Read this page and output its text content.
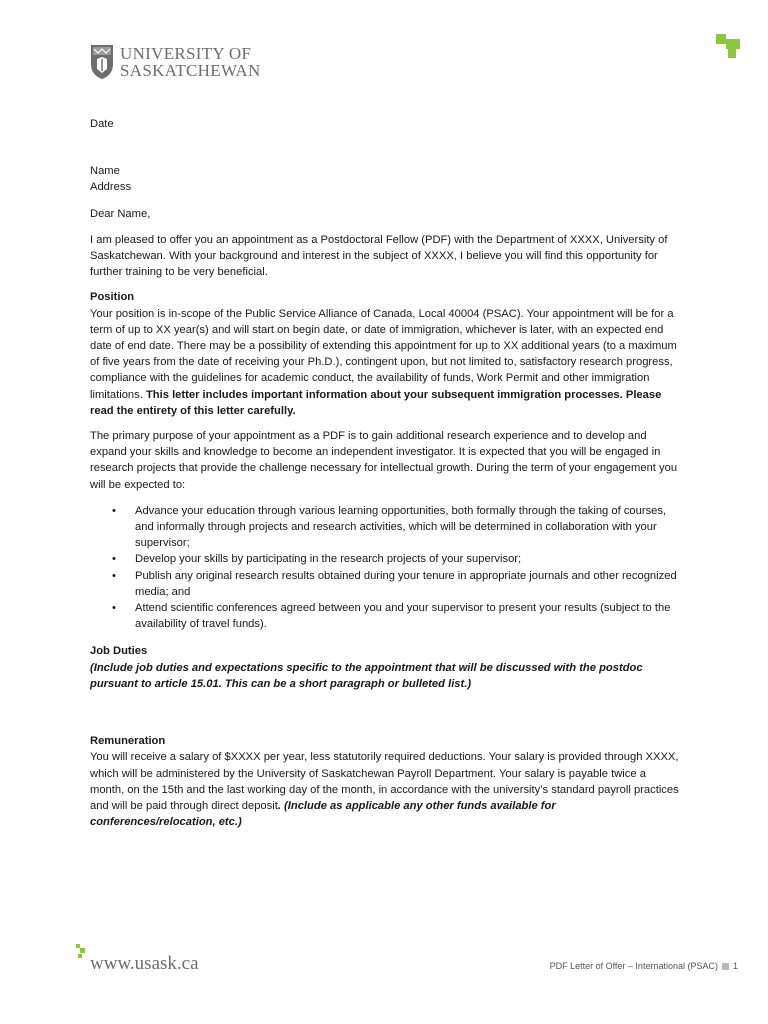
UNIVERSITY OF
SASKATCHEWAN

Date

Name

Address

Dear Name,

I am pleased to offer you an appointment as a Postdoctoral Fellow (PDF) with the Department of XXXX, University of Saskatchewan. With your background and interest in the subject of XXXX, I believe you will find this opportunity for further training to be very beneficial.

Position

Your position is in-scope of the Public Service Alliance of Canada, Local 40004 (PSAC). Your appointment will be for a term of up to XX year(s) and will start on begin date, or date of immigration, whichever is later, with an expected end date of end date. There may be a possibility of extending this appointment for up to XX additional years (to a maximum of five years from the date of receiving your Ph.D.), contingent upon, but not limited to, satisfactory research progress, compliance with the guidelines for academic conduct, the availability of funds, Work Permit and other immigration limitations. This letter includes important information about your subsequent immigration processes. Please read the entirety of this letter carefully.

The primary purpose of your appointment as a PDF is to gain additional research experience and to develop and expand your skills and knowledge to become an independent investigator. It is expected that you will be engaged in research projects that provide the challenge necessary for intellectual growth. During the term of your engagement you will be expected to:

• Advance your education through various learning opportunities, both formally through the taking of courses, and informally through projects and research activities, which will be determined in collaboration with your supervisor;
• Develop your skills by participating in the research projects of your supervisor;
• Publish any original research results obtained during your tenure in appropriate journals and other recognized media; and
• Attend scientific conferences agreed between you and your supervisor to present your results (subject to the availability of travel funds).

Job Duties

(Include job duties and expectations specific to the appointment that will be discussed with the postdoc pursuant to article 15.01. This can be a short paragraph or bulleted list.)

Remuneration

You will receive a salary of $XXXX per year, less statutorily required deductions. Your salary is provided through XXXX, which will be administered by the University of Saskatchewan Payroll Department. Your salary is payable twice a month, on the 15th and the last working day of the month, in accordance with the university’s standard payroll practices and will be paid through direct deposit. (Include as applicable any other funds available for conferences/relocation, etc.)

www.usask.ca	PDF Letter of Offer – International (PSAC) 1
